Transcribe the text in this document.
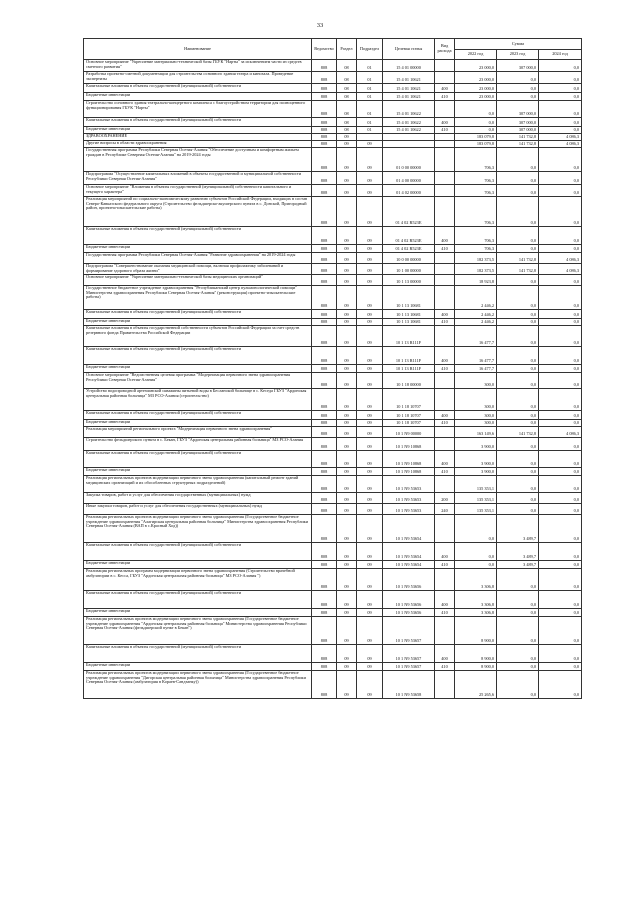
33
Наименование	Ведомство	Раздел	Подраздел	Целевая статья	Вид расхода	Сумма		
						2022 год	2023 год	2024 год
Основное мероприятие "Укрепление материально-технической базы ГБУК "Нарты" за исключением части из средств сметного развития"	808	08	01	15 4 01 00000		23 000,0	307 000,0	0,0
Разработка проектно-сметной документации для строительства основного здания театра и кинозала. Проведение экспертизы	808	08	01	15 4 01 10621		23 000,0	0,0	0,0
Капитальные вложения в объекты государственной (муниципальной) собственности	808	08	01	15 4 01 10621	400	23 000,0	0,0	0,0
Бюджетные инвестиции	808	08	01	15 4 01 10621	410	23 000,0	0,0	0,0
Строительство основного здания театрально-концертного комплекса с благоустройством территории для полноценного функционирования ГБУК "Нарты"	808	08	01	15 4 01 10622		0,0	307 000,0	0,0
Капитальные вложения в объекты государственной (муниципальной) собственности	808	08	01	15 4 01 10622	400	0,0	307 000,0	0,0
Бюджетные инвестиции	808	08	01	15 4 01 10622	410	0,0	307 000,0	0,0
ЗДРАВООХРАНЕНИЕ	808	09				183 079,8	141 732,8	4 086,3
Другие вопросы в области здравоохранения	808	09	09			183 079,8	141 732,8	4 086,3
Государственная программа Республики Северная Осетия-Алания "Обеспечение доступным и комфортным жильем граждан в Республике Северная Осетия-Алания" на 2019-2024 годы	808	09	09	01 0 00 00000		706,3	0,0	0,0
Подпрограмма "Осуществление капитальных вложений в объекты государственной и муниципальной собственности Республики Северная Осетия-Алания"	808	09	09	01 4 00 00000		706,3	0,0	0,0
Основное мероприятие "Вложения в объекты государственной (муниципальной) собственности капитального и текущего характера"	808	09	09	01 4 02 00000		706,3	0,0	0,0
Реализация мероприятий по социально-экономическому развитию субъектов Российской Федерации, входящих в состав Северо-Кавказского федерального округа (Строительство фельдшерско-акушерского пункта в с. Донской, Пригородный район, проектно-изыскательские работы)	808	09	09	01 4 02 R523Е		706,3	0,0	0,0
Капитальные вложения в объекты государственной (муниципальной) собственности	808	09	09	01 4 02 R523Е	400	706,3	0,0	0,0
Бюджетные инвестиции	808	09	09	01 4 02 R523Е	410	706,3	0,0	0,0
Государственная программа Республики Северная Осетия-Алания "Развитие здравоохранения" на 2019-2024 годы	808	09	09	10 0 00 00000		182 373,5	141 732,8	4 086,3
Подпрограмма "Совершенствование оказания медицинской помощи, включая профилактику заболеваний и формирование здорового образа жизни"	808	09	09	10 1 00 00000		182 373,5	141 732,8	4 086,3
Основное мероприятие "Укрепление материально-технической базы медицинских организаций"	808	09	09	10 1 13 00000		18 923,8	0,0	0,0
Государственное бюджетное учреждение здравоохранения "Республиканский центр пульмонологической помощи" Министерства здравоохранения Республики Северная Осетия-Алания" (реконструкция) проектно-изыскательские работы)	808	09	09	10 1 13 10681		2 446,2	0,0	0,0
Капитальные вложения в объекты государственной (муниципальной) собственности	808	09	09	10 1 13 10681	400	2 446,2	0,0	0,0
Бюджетные инвестиции	808	09	09	10 1 13 10681	410	2 446,2	0,0	0,0
Капитальные вложения в объекты государственной собственности субъектов Российской Федерации за счет средств резервного фонда Правительства Российской Федерации	808	09	09	10 1 13 R111F		16 477,7	0,0	0,0
Капитальные вложения в объекты государственной (муниципальной) собственности	808	09	09	10 1 13 R111F	400	16 477,7	0,0	0,0
Бюджетные инвестиции	808	09	09	10 1 13 R111F	410	16 477,7	0,0	0,0
Основное мероприятие "Ведомственная целевая программа "Модернизация первичного звена здравоохранения Республики Северная Осетия-Алания"	808	09	09	10 1 18 00000		300,0	0,0	0,0
Устройство водопроводной артезианской скважины питьевой воды в Бесланской больнице в с. Кеседа ГБУЗ "Ардонская центральная районная больница" МЗ РСО-Алания (строительство)	808	09	09	10 1 18 10707		300,0	0,0	0,0
Капитальные вложения в объекты государственной (муниципальной) собственности	808	09	09	10 1 18 10707	400	300,0	0,0	0,0
Бюджетные инвестиции	808	09	09	10 1 18 10707	410	300,0	0,0	0,0
Реализация мероприятий регионального проекта "Модернизация первичного звена здравоохранения"	808	09	09	10 1 N9 00000		163 149,6	141 732,8	4 086,3
Строительство фельдшерского пункта в с. Бекан, ГБУЗ "Ардонская центральная районная больница" МЗ РСО-Алания	808	09	09	10 1 N9 10868		3 900,0	0,0	0,0
Капитальные вложения в объекты государственной (муниципальной) собственности	808	09	09	10 1 N9 10868	400	3 900,0	0,0	0,0
Бюджетные инвестиции	808	09	09	10 1 N9 10868	410	3 900,0	0,0	0,0
Реализация региональных проектов модернизации первичного звена здравоохранения (капитальный ремонт зданий медицинских организаций и их обособленных структурных подразделений)	808	09	09	10 1 N9 53653		135 353,1	0,0	0,0
Закупка товаров, работ и услуг для обеспечения государственных (муниципальных) нужд	808	09	09	10 1 N9 53653	200	135 353,1	0,0	0,0
Иные закупки товаров, работ и услуг для обеспечения государственных (муниципальных) нужд	808	09	09	10 1 N9 53653	240	135 353,1	0,0	0,0
Реализация региональных проектов модернизации первичного звена здравоохранения (Государственное бюджетное учреждение здравоохранения "Алагирская центральная районная больница" Министерства здравоохранения Республики Северная Осетия-Алания (ВАП в с.Красный Ход))	808	09	09	10 1 N9 53654		0,0	3 489,7	0,0
Капитальные вложения в объекты государственной (муниципальной) собственности	808	09	09	10 1 N9 53654	400	0,0	3 489,7	0,0
Бюджетные инвестиции	808	09	09	10 1 N9 53654	410	0,0	3 489,7	0,0
Реализация региональных программ модернизации первичного звена здравоохранения (Строительство врачебной амбулатории в с. Кесса, ГБУЗ "Ардонская центральная районная больница" МЗ РСО-Алания ")	808	09	09	10 1 N9 53656		3 306,8	0,0	0,0
Капитальные вложения в объекты государственной (муниципальной) собственности	808	09	09	10 1 N9 53656	400	3 306,8	0,0	0,0
Бюджетные инвестиции	808	09	09	10 1 N9 53656	410	3 306,8	0,0	0,0
Реализация региональных проектов модернизации первичного звена здравоохранения (Государственное бюджетное учреждение здравоохранения "Ардонская центральная районная больница" Министерства здравоохранения Республики Северная Осетия-Алания (фельдшерский пункт в Бекан")	808	09	09	10 1 N9 53657		8 900,0	0,0	0,0
Капитальные вложения в объекты государственной (муниципальной) собственности	808	09	09	10 1 N9 53657	400	8 900,0	0,0	0,0
Бюджетные инвестиции	808	09	09	10 1 N9 53657	410	8 900,0	0,0	0,0
Реализация региональных проектов модернизации первичного звена здравоохранения (Государственное бюджетное учреждение здравоохранения "Дигорская центральная районная больница" Министерства здравоохранения Республики Северная Осетия-Алания (амбулатория в Кораев-Сандзанку))	808	09	09	10 1 N9 53658		25 265,6	0,0	0,0
